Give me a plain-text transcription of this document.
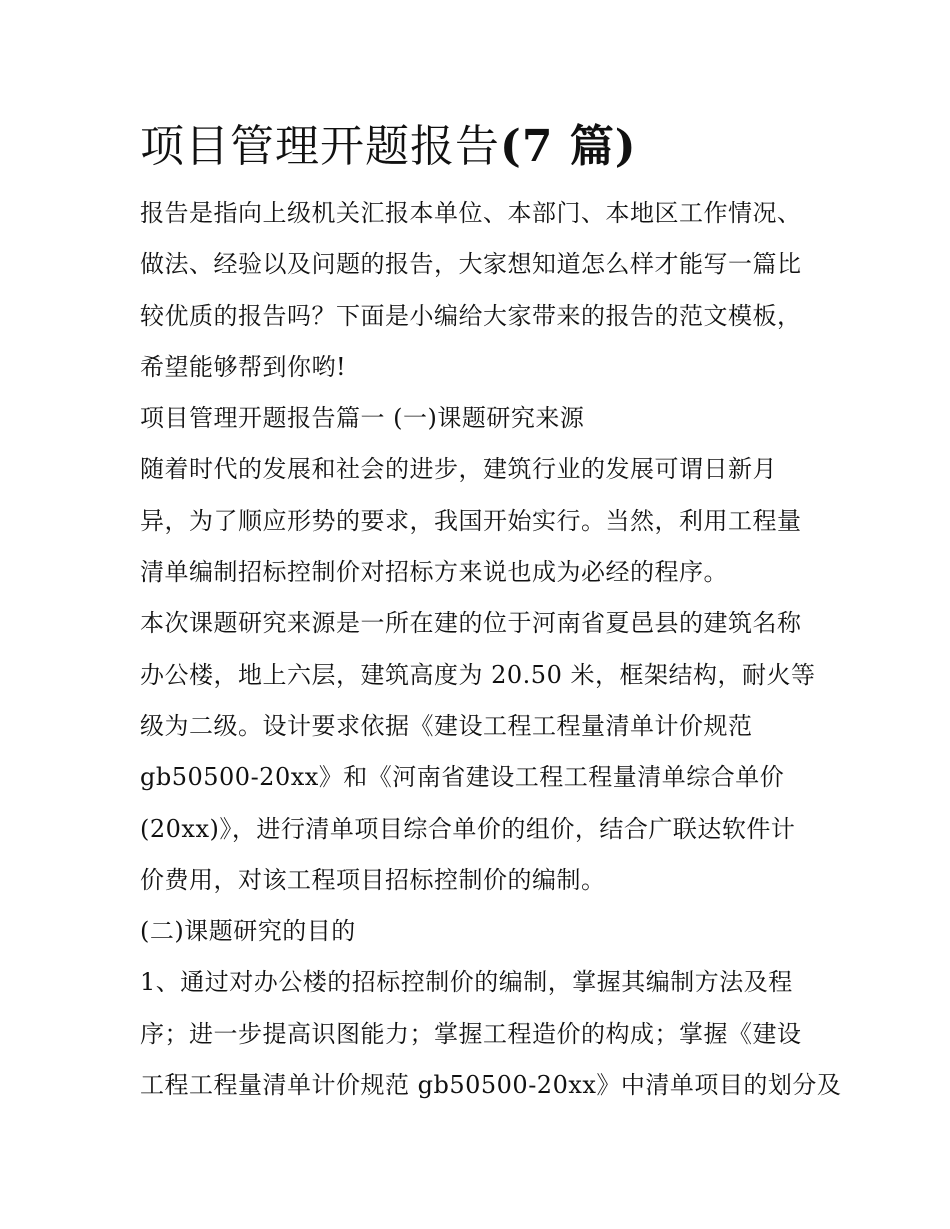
项目管理开题报告(7 篇)

报告是指向上级机关汇报本单位、本部门、本地区工作情况、

做法、经验以及问题的报告，大家想知道怎么样才能写一篇比

较优质的报告吗？下面是小编给大家带来的报告的范文模板，

希望能够帮到你哟!

项目管理开题报告篇一 (一)课题研究来源

随着时代的发展和社会的进步，建筑行业的发展可谓日新月

异，为了顺应形势的要求，我国开始实行。当然，利用工程量

清单编制招标控制价对招标方来说也成为必经的程序。

本次课题研究来源是一所在建的位于河南省夏邑县的建筑名称

办公楼，地上六层，建筑高度为 20.50 米，框架结构，耐火等

级为二级。设计要求依据《建设工程工程量清单计价规范

gb50500-20xx》和《河南省建设工程工程量清单综合单价

(20xx)》，进行清单项目综合单价的组价，结合广联达软件计

价费用，对该工程项目招标控制价的编制。

(二)课题研究的目的

1、通过对办公楼的招标控制价的编制，掌握其编制方法及程

序；进一步提高识图能力；掌握工程造价的构成；掌握《建设

工程工程量清单计价规范 gb50500-20xx》中清单项目的划分及
